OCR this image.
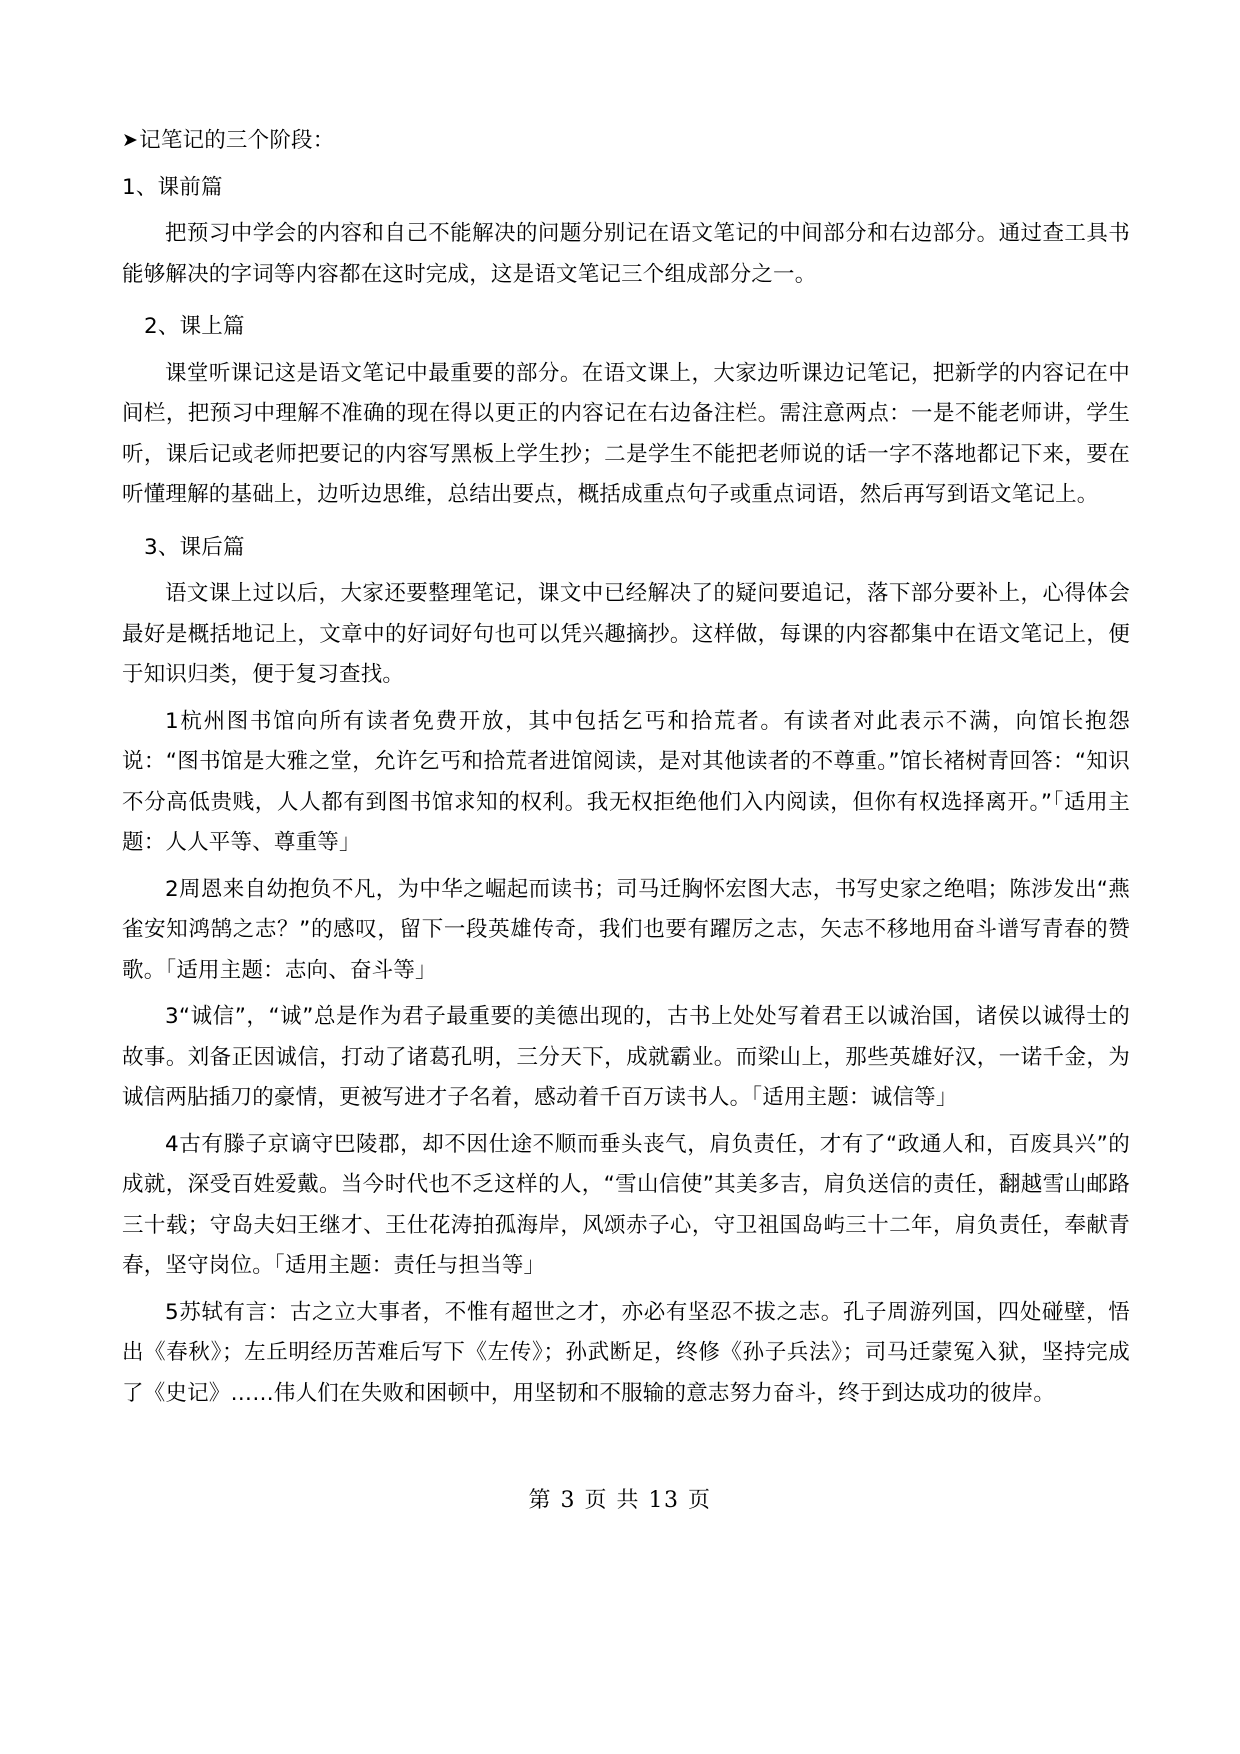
➤记笔记的三个阶段：
1、课前篇

把预习中学会的内容和自己不能解决的问题分别记在语文笔记的中间部分和右边部分。通过查工具书能够解决的字词等内容都在这时完成，这是语文笔记三个组成部分之一。

2、课上篇

课堂听课记这是语文笔记中最重要的部分。在语文课上，大家边听课边记笔记，把新学的内容记在中间栏，把预习中理解不准确的现在得以更正的内容记在右边备注栏。需注意两点：一是不能老师讲，学生听，课后记或老师把要记的内容写黑板上学生抄；二是学生不能把老师说的话一字不落地都记下来，要在听懂理解的基础上，边听边思维，总结出要点，概括成重点句子或重点词语，然后再写到语文笔记上。

3、课后篇

语文课上过以后，大家还要整理笔记，课文中已经解决了的疑问要追记，落下部分要补上，心得体会最好是概括地记上，文章中的好词好句也可以凭兴趣摘抄。这样做，每课的内容都集中在语文笔记上，便于知识归类，便于复习查找。

1杭州图书馆向所有读者免费开放，其中包括乞丐和拾荒者。有读者对此表示不满，向馆长抱怨说：“图书馆是大雅之堂，允许乞丐和拾荒者进馆阅读，是对其他读者的不尊重。”馆长褚树青回答：“知识不分高低贵贱，人人都有到图书馆求知的权利。我无权拒绝他们入内阅读，但你有权选择离开。”「适用主题：人人平等、尊重等」

2周恩来自幼抱负不凡，为中华之崛起而读书；司马迁胸怀宏图大志，书写史家之绝唱；陈涉发出“燕雀安知鸿鹄之志？”的感叹，留下一段英雄传奇，我们也要有躍厉之志，矢志不移地用奋斗谱写青春的赞歌。「适用主题：志向、奋斗等」

3“诚信”，“诚”总是作为君子最重要的美德出现的，古书上处处写着君王以诚治国，诸侯以诚得士的故事。刘备正因诚信，打动了诸葛孔明，三分天下，成就霸业。而梁山上，那些英雄好汉，一诺千金，为诚信两胋插刀的豪情，更被写进才子名着，感动着千百万读书人。「适用主题：诚信等」

4古有滕子京谪守巴陵郡，却不因仕途不顺而垂头丧气，肩负责任，才有了“政通人和，百废具兴”的成就，深受百姓爱戴。当今时代也不乏这样的人，“雪山信使”其美多吉，肩负送信的责任，翻越雪山邮路三十载；守岛夫妇王继才、王仕花涛拍孤海岸，风颂赤子心，守卫祖国岛屿三十二年，肩负责任，奉献青春，坚守岗位。「适用主题：责任与担当等」

5苏轼有言：古之立大事者，不惟有超世之才，亦必有坚忍不拔之志。孔子周游列国，四处碰壁，悟出《春秋》；左丘明经历苦难后写下《左传》；孙武断足，终修《孙子兵法》；司马迁蒙冤入狱，坚持完成了《史记》……伟人们在失败和困顿中，用坚韧和不服输的意志努力奋斗，终于到达成功的彼岸。

第 3 页 共 13 页
